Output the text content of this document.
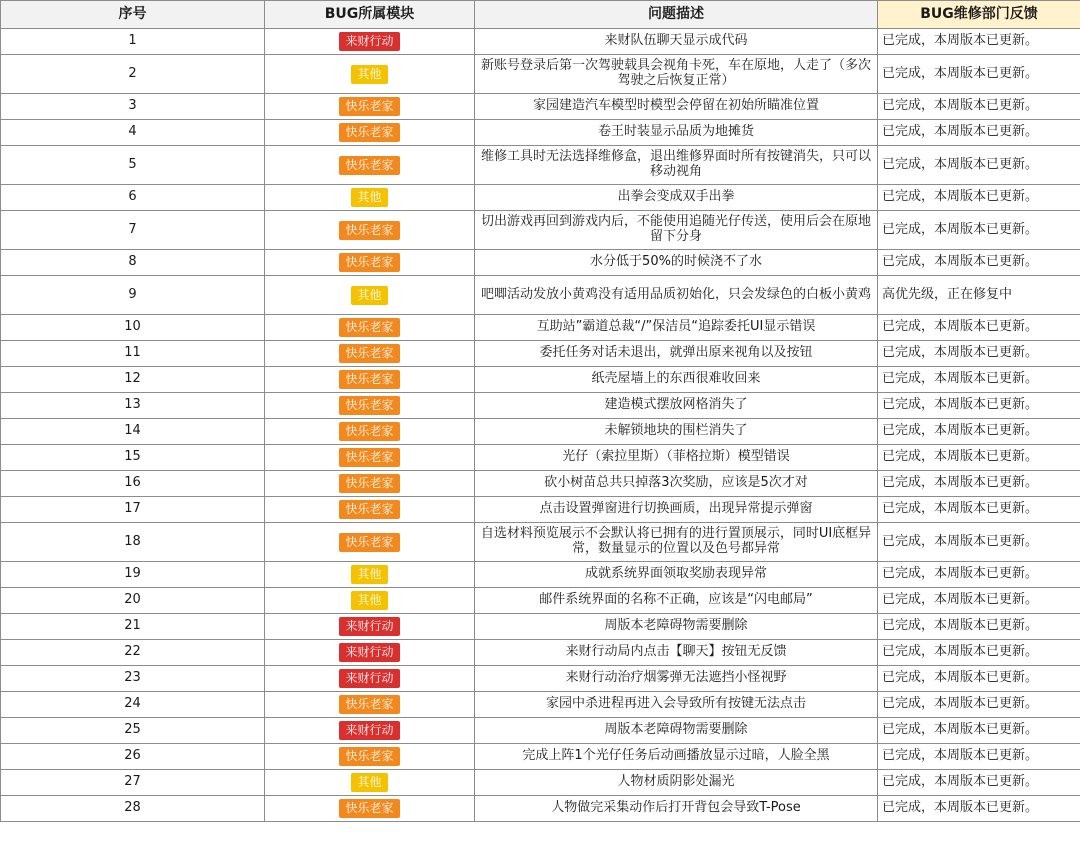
序号	BUG所属模块	问题描述	BUG维修部门反馈
1	来财行动	来财队伍聊天显示成代码	已完成，本周版本已更新。
2	其他	新账号登录后第一次驾驶载具会视角卡死，车在原地，人走了（多次驾驶之后恢复正常）	已完成，本周版本已更新。
3	快乐老家	家园建造汽车模型时模型会停留在初始所瞄准位置	已完成，本周版本已更新。
4	快乐老家	卷王时装显示品质为地摊货	已完成，本周版本已更新。
5	快乐老家	维修工具时无法选择维修盒，退出维修界面时所有按键消失，只可以移动视角	已完成，本周版本已更新。
6	其他	出拳会变成双手出拳	已完成，本周版本已更新。
7	快乐老家	切出游戏再回到游戏内后，不能使用追随光仔传送，使用后会在原地留下分身	已完成，本周版本已更新。
8	快乐老家	水分低于50%的时候浇不了水	已完成，本周版本已更新。
9	其他	吧唧活动发放小黄鸡没有适用品质初始化，只会发绿色的白板小黄鸡	高优先级，正在修复中
10	快乐老家	互助站”霸道总裁“/”保洁员“追踪委托UI显示错误	已完成，本周版本已更新。
11	快乐老家	委托任务对话未退出，就弹出原来视角以及按钮	已完成，本周版本已更新。
12	快乐老家	纸壳屋墙上的东西很难收回来	已完成，本周版本已更新。
13	快乐老家	建造模式摆放网格消失了	已完成，本周版本已更新。
14	快乐老家	未解锁地块的围栏消失了	已完成，本周版本已更新。
15	快乐老家	光仔（索拉里斯）（菲格拉斯）模型错误	已完成，本周版本已更新。
16	快乐老家	砍小树苗总共只掉落3次奖励，应该是5次才对	已完成，本周版本已更新。
17	快乐老家	点击设置弹窗进行切换画质，出现异常提示弹窗	已完成，本周版本已更新。
18	快乐老家	自选材料预览展示不会默认将已拥有的进行置顶展示，同时UI底框异常，数量显示的位置以及色号都异常	已完成，本周版本已更新。
19	其他	成就系统界面领取奖励表现异常	已完成，本周版本已更新。
20	其他	邮件系统界面的名称不正确，应该是“闪电邮局”	已完成，本周版本已更新。
21	来财行动	周版本老障碍物需要删除	已完成，本周版本已更新。
22	来财行动	来财行动局内点击【聊天】按钮无反馈	已完成，本周版本已更新。
23	来财行动	来财行动治疗烟雾弹无法遮挡小怪视野	已完成，本周版本已更新。
24	快乐老家	家园中杀进程再进入会导致所有按键无法点击	已完成，本周版本已更新。
25	来财行动	周版本老障碍物需要删除	已完成，本周版本已更新。
26	快乐老家	完成上阵1个光仔任务后动画播放显示过暗，人脸全黑	已完成，本周版本已更新。
27	其他	人物材质阴影处漏光	已完成，本周版本已更新。
28	快乐老家	人物做完采集动作后打开背包会导致T-Pose	已完成，本周版本已更新。
